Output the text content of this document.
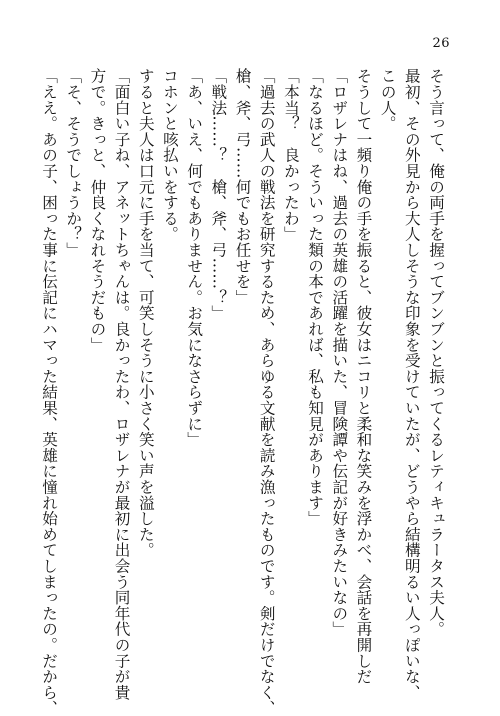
26
そう言って、俺の両手を握ってブンブンと振ってくるレティキュラータス夫人。
最初、その外見から大人しそうな印象を受けていたが、どうやら結構明るい人っぽいな、
この人。
そうして一頻り俺の手を振ると、彼女はニコリと柔和な笑みを浮かべ、会話を再開しだ
「ロザレナはね、過去の英雄の活躍を描いた、冒険譚や伝記が好きみたいなの」
「なるほど。そういった類の本であれば、私も知見があります」
「本当？　良かったわ」
「過去の武人の戦法を研究するため、あらゆる文献を読み漁ったものです。剣だけでなく、
槍、斧、弓……何でもお任せを」
「戦法……？　槍、斧、弓……？」
「あ、いえ、何でもありません。お気になさらずに」
コホンと咳払いをする。
すると夫人は口元に手を当て、可笑しそうに小さく笑い声を溢した。
「面白い子ね、アネットちゃんは。良かったわ、ロザレナが最初に出会う同年代の子が貴
方で。きっと、仲良くなれそうだもの」
「そ、そうでしょうか？」
「ええ。あの子、困った事に伝記にハマった結果、英雄に憧れ始めてしまったの。だから、
